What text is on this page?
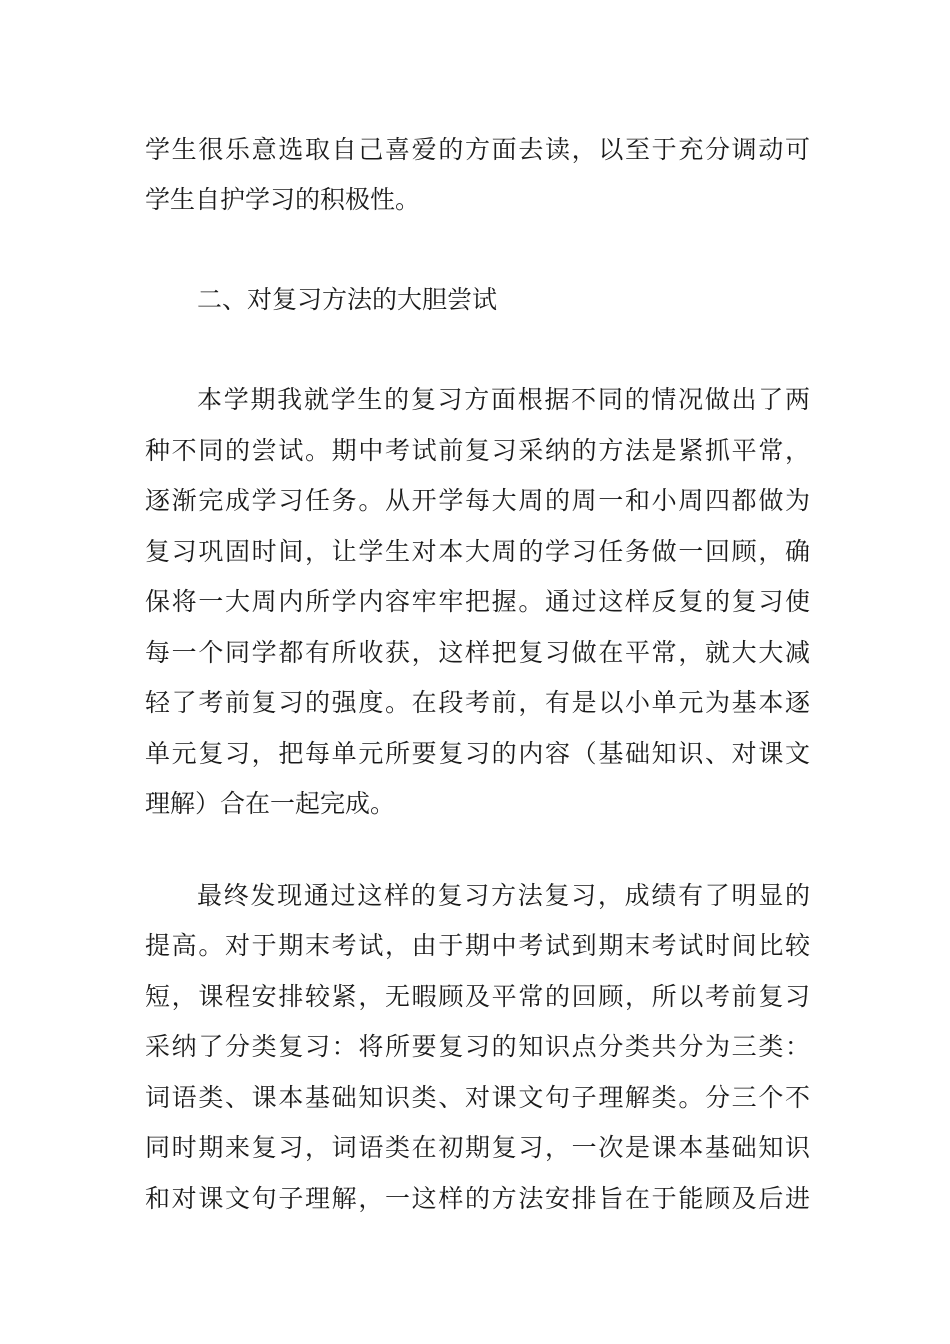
学生很乐意选取自己喜爱的方面去读，以至于充分调动可
学生自护学习的积极性。
二、对复习方法的大胆尝试
本学期我就学生的复习方面根据不同的情况做出了两
种不同的尝试。期中考试前复习采纳的方法是紧抓平常，
逐渐完成学习任务。从开学每大周的周一和小周四都做为
复习巩固时间，让学生对本大周的学习任务做一回顾，确
保将一大周内所学内容牢牢把握。通过这样反复的复习使
每一个同学都有所收获，这样把复习做在平常，就大大减
轻了考前复习的强度。在段考前，有是以小单元为基本逐
单元复习，把每单元所要复习的内容（基础知识、对课文
理解）合在一起完成。
最终发现通过这样的复习方法复习，成绩有了明显的
提高。对于期末考试，由于期中考试到期末考试时间比较
短，课程安排较紧，无暇顾及平常的回顾，所以考前复习
采纳了分类复习：将所要复习的知识点分类共分为三类：
词语类、课本基础知识类、对课文句子理解类。分三个不
同时期来复习，词语类在初期复习，一次是课本基础知识
和对课文句子理解，一这样的方法安排旨在于能顾及后进
